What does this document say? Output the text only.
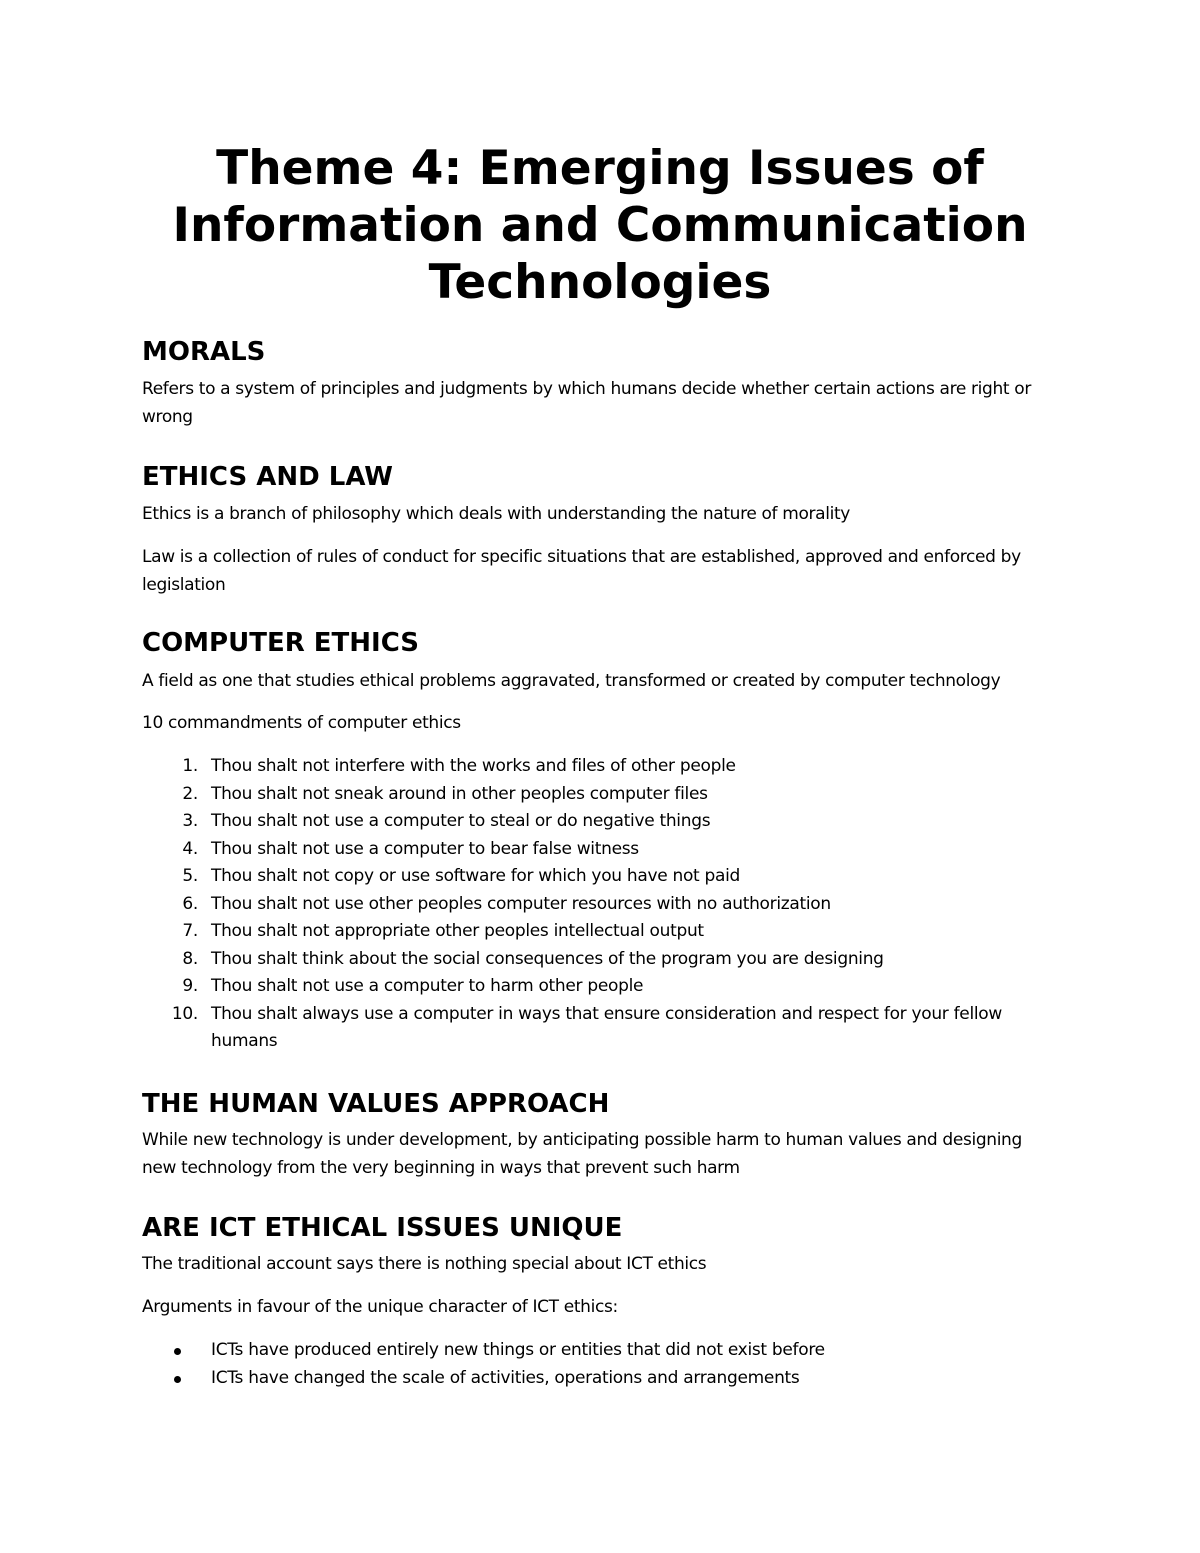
Theme 4: Emerging Issues of
Information and Communication
Technologies
MORALS

Refers to a system of principles and judgments by which humans decide whether certain actions are right or wrong

ETHICS AND LAW

Ethics is a branch of philosophy which deals with understanding the nature of morality

Law is a collection of rules of conduct for specific situations that are established, approved and enforced by legislation

COMPUTER ETHICS

A field as one that studies ethical problems aggravated, transformed or created by computer technology

10 commandments of computer ethics

1. Thou shalt not interfere with the works and files of other people
2. Thou shalt not sneak around in other peoples computer files
3. Thou shalt not use a computer to steal or do negative things
4. Thou shalt not use a computer to bear false witness
5. Thou shalt not copy or use software for which you have not paid
6. Thou shalt not use other peoples computer resources with no authorization
7. Thou shalt not appropriate other peoples intellectual output
8. Thou shalt think about the social consequences of the program you are designing
9. Thou shalt not use a computer to harm other people
10. Thou shalt always use a computer in ways that ensure consideration and respect for your fellow humans
THE HUMAN VALUES APPROACH

While new technology is under development, by anticipating possible harm to human values and designing new technology from the very beginning in ways that prevent such harm

ARE ICT ETHICAL ISSUES UNIQUE

The traditional account says there is nothing special about ICT ethics

Arguments in favour of the unique character of ICT ethics:

ICTs have produced entirely new things or entities that did not exist before
ICTs have changed the scale of activities, operations and arrangements
